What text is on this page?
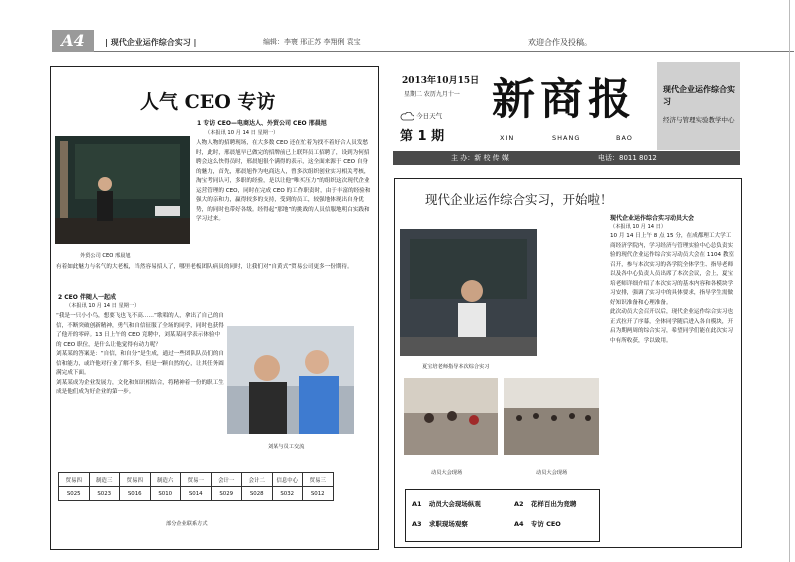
A4	| 现代企业运作综合实习 |	编辑：李寰 邢正苏 李翔俐 袁宝	欢迎合作及投稿。
人气 CEO 专访
外贸公司 CEO 邢晨旭
1 专访 CEO—电商达人、外贸公司 CEO 邢晨旭
（本报讯 10 月 14 日 星期一）
人物人物的招聘现场，在大多数 CEO 还在忙着为找不着好合人员发愁时，此时，邢晨旭早已做完的招牌前已上联拜员工招聘了，设到为何招聘会这么快得员时，邢晨旭很个满得的表示，这全面来源于 CEO 自身的魅力，首先，邢晨旭作为电商达人，曾多次组织创业实习相关考核，淘宝考同认可，多职的经验，是以让他“唯买压力”的组织这次现代企业运营管理的 CEO，同时在完成 CEO 的工作职责时，由于丰富的经验和强大的亲和力，赢得较多的支持，受到的员工，较强地体现出自身优势，的同时也带好各级。经得起“那地”的挑战的人员信服地明白实践和学习过来。
有着如此魅力与名气的大老板，当然容易招人了，哪里老板团队病员的同时，让我们对“自黄式”贸易公司更多一份期待。
2 CEO 伴随人一起成
（本报讯 10 月 14 日 星期一）
“我是一只小小鸟，想要飞也飞不高……”歌唱的人，拿出了自己的自信，不断突破创新精神，勇气和自信征服了全场的同学，同时也获得了他开的零碎。13 日上午的 CEO 竞聘中，刘某某同学表示体验中的 CEO 职位，是什么让他觉得有动力呢？
刘某某的答案是：“自信，和自分”是生成，通过一些团队队员们的自信和能力，或许他对行业了解不多，但是一颗自然的心，让其任务圆满完成下面。
刘某某成为企业发展力，文化和知识相结合，将精神着一份的职工生成是他们成为好企业的第一步。
刘某与员工交流
贸易四	制造三	贸易四	制造六	贸易一	会计一	会计二	信息中心	贸易三
S025	S023	S016	S010	S014	S029	S028	S032	S012
部分企业联系方式
2013年10月15日
星期二 农历九月十一
今日天气
第 1 期
新商报
XIN	SHANG	BAO
现代企业运作综合实习
经济与管理实验教学中心
主 办：新 校 传 媒	电话：8011 8012
现代企业运作综合实习，开始啦！
夏宝培老师指导本次综合实习
动员大会现场	动员大会现场
现代企业运作综合实习动员大会
（本报讯 10 月 14 日）
10 月 14 日上午 8 点 15 分，在成都理工大学工商经济学院内，学习经济与管理实验中心总负责实验的现代企业运作综合实习动员大会在 1104 教室召开，参与本次实习的各学院全体学生、指导老师以及各中心负责人员出席了本次会议，会上，夏宝培老师详细介绍了本次实习的基本内容和各模块学习安排，强调了实习中的具体要求，指导学生需做好知识准备和心理准备。
此次动员大会召开以后，现代企业运作综合实习也正式拉开了序幕，全体同学随后进入各自模块，开启为期两周的综合实习，希望同学们能在此次实习中有所收获，学以致用。
A1 动员大会现场纵观	A2 花样百出为竞聘
A3 求职现场观察	A4 专访 CEO
